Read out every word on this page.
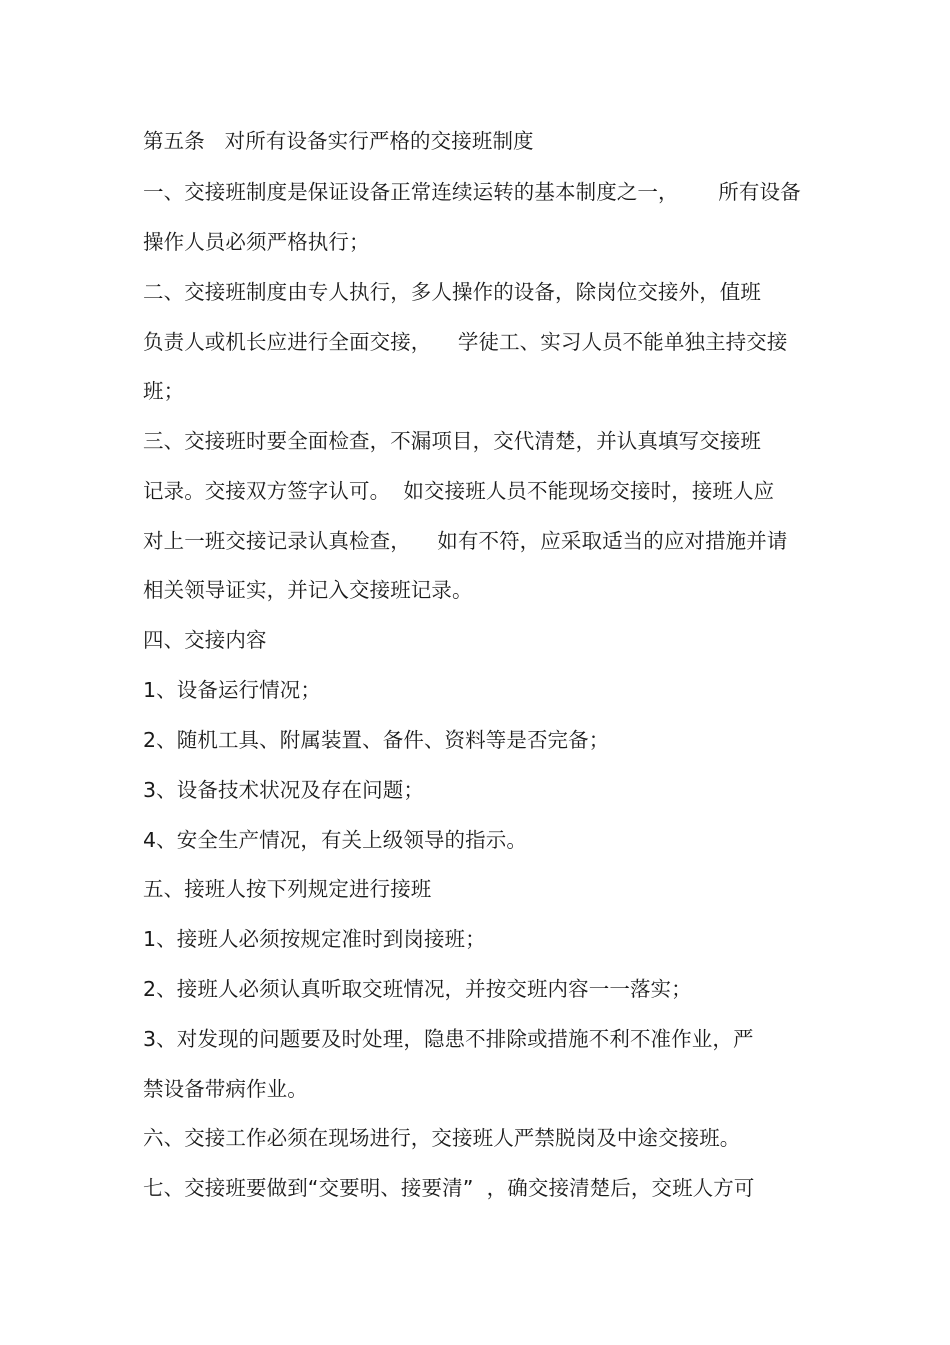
第五条   对所有设备实行严格的交接班制度
一、交接班制度是保证设备正常连续运转的基本制度之一，      所有设备
操作人员必须严格执行；
二、交接班制度由专人执行，多人操作的设备，除岗位交接外，值班
负责人或机长应进行全面交接，    学徒工、实习人员不能单独主持交接
班；
三、交接班时要全面检查，不漏项目，交代清楚，并认真填写交接班
记录。交接双方签字认可。  如交接班人员不能现场交接时，接班人应
对上一班交接记录认真检查，    如有不符，应采取适当的应对措施并请
相关领导证实，并记入交接班记录。
四、交接内容
1、设备运行情况；
2、随机工具、附属装置、备件、资料等是否完备；
3、设备技术状况及存在问题；
4、安全生产情况，有关上级领导的指示。
五、接班人按下列规定进行接班
1、接班人必须按规定准时到岗接班；
2、接班人必须认真听取交班情况，并按交班内容一一落实；
3、对发现的问题要及时处理，隐患不排除或措施不利不准作业，严
禁设备带病作业。
六、交接工作必须在现场进行，交接班人严禁脱岗及中途交接班。
七、交接班要做到“交要明、接要清”  ，确交接清楚后，交班人方可
